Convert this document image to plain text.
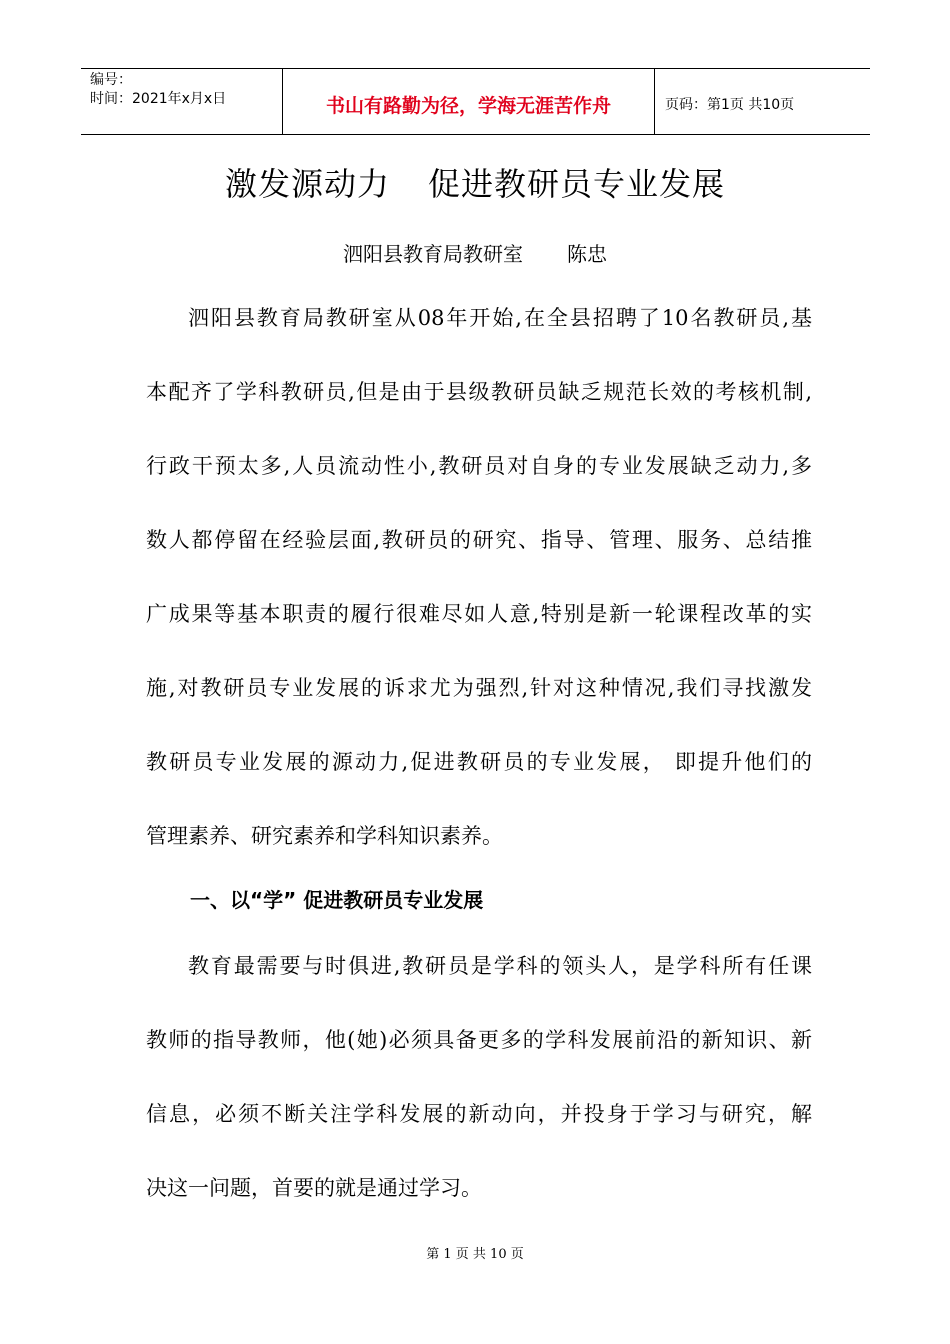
编号：
时间：2021年x月x日	书山有路勤为径，学海无涯苦作舟	页码：第1页 共10页
激发源动力 促进教研员专业发展
泗阳县教育局教研室 陈忠
泗阳县教育局教研室从08年开始,在全县招聘了10名教研员,基
本配齐了学科教研员,但是由于县级教研员缺乏规范长效的考核机制,
行政干预太多,人员流动性小,教研员对自身的专业发展缺乏动力,多
数人都停留在经验层面,教研员的研究、指导、管理、服务、总结推
广成果等基本职责的履行很难尽如人意,特别是新一轮课程改革的实
施,对教研员专业发展的诉求尤为强烈,针对这种情况,我们寻找激发
教研员专业发展的源动力,促进教研员的专业发展， 即提升他们的
管理素养、研究素养和学科知识素养。
一、以“学” 促进教研员专业发展
教育最需要与时俱进,教研员是学科的领头人，是学科所有任课
教师的指导教师，他(她)必须具备更多的学科发展前沿的新知识、新
信息，必须不断关注学科发展的新动向，并投身于学习与研究，解
决这一问题，首要的就是通过学习。
第 1 页 共 10 页
